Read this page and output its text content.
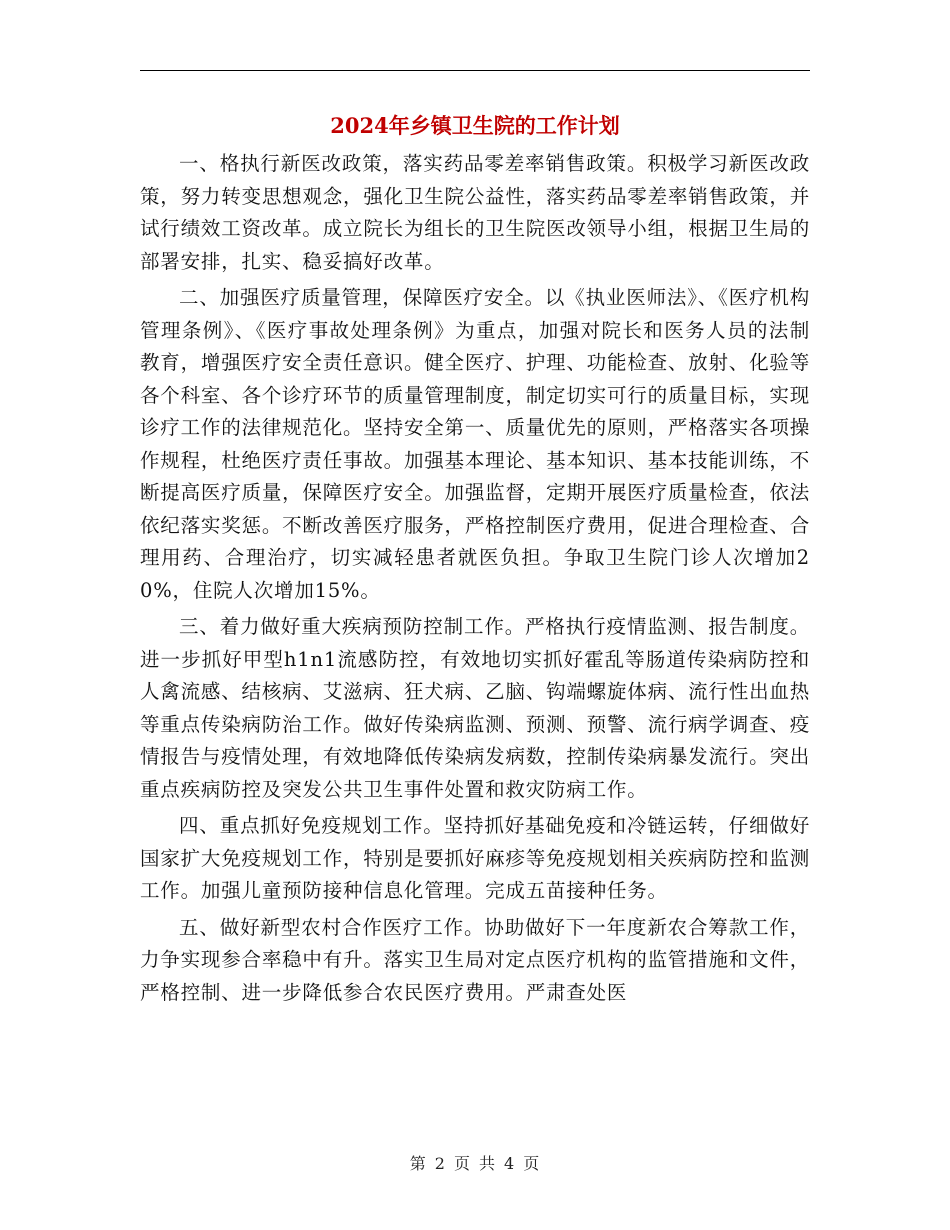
2024年乡镇卫生院的工作计划

一、格执行新医改政策，落实药品零差率销售政策。积极学习新医改政策，努力转变思想观念，强化卫生院公益性，落实药品零差率销售政策，并试行绩效工资改革。成立院长为组长的卫生院医改领导小组，根据卫生局的部署安排，扎实、稳妥搞好改革。

二、加强医疗质量管理，保障医疗安全。以《执业医师法》、《医疗机构管理条例》、《医疗事故处理条例》为重点，加强对院长和医务人员的法制教育，增强医疗安全责任意识。健全医疗、护理、功能检查、放射、化验等各个科室、各个诊疗环节的质量管理制度，制定切实可行的质量目标，实现诊疗工作的法律规范化。坚持安全第一、质量优先的原则，严格落实各项操作规程，杜绝医疗责任事故。加强基本理论、基本知识、基本技能训练，不断提高医疗质量，保障医疗安全。加强监督，定期开展医疗质量检查，依法依纪落实奖惩。不断改善医疗服务，严格控制医疗费用，促进合理检查、合理用药、合理治疗，切实减轻患者就医负担。争取卫生院门诊人次增加20%，住院人次增加15%。

三、着力做好重大疾病预防控制工作。严格执行疫情监测、报告制度。进一步抓好甲型h1n1流感防控，有效地切实抓好霍乱等肠道传染病防控和人禽流感、结核病、艾滋病、狂犬病、乙脑、钩端螺旋体病、流行性出血热等重点传染病防治工作。做好传染病监测、预测、预警、流行病学调查、疫情报告与疫情处理，有效地降低传染病发病数，控制传染病暴发流行。突出重点疾病防控及突发公共卫生事件处置和救灾防病工作。

四、重点抓好免疫规划工作。坚持抓好基础免疫和冷链运转，仔细做好国家扩大免疫规划工作，特别是要抓好麻疹等免疫规划相关疾病防控和监测工作。加强儿童预防接种信息化管理。完成五苗接种任务。

五、做好新型农村合作医疗工作。协助做好下一年度新农合筹款工作，力争实现参合率稳中有升。落实卫生局对定点医疗机构的监管措施和文件，严格控制、进一步降低参合农民医疗费用。严肃查处医

第 2 页 共 4 页
